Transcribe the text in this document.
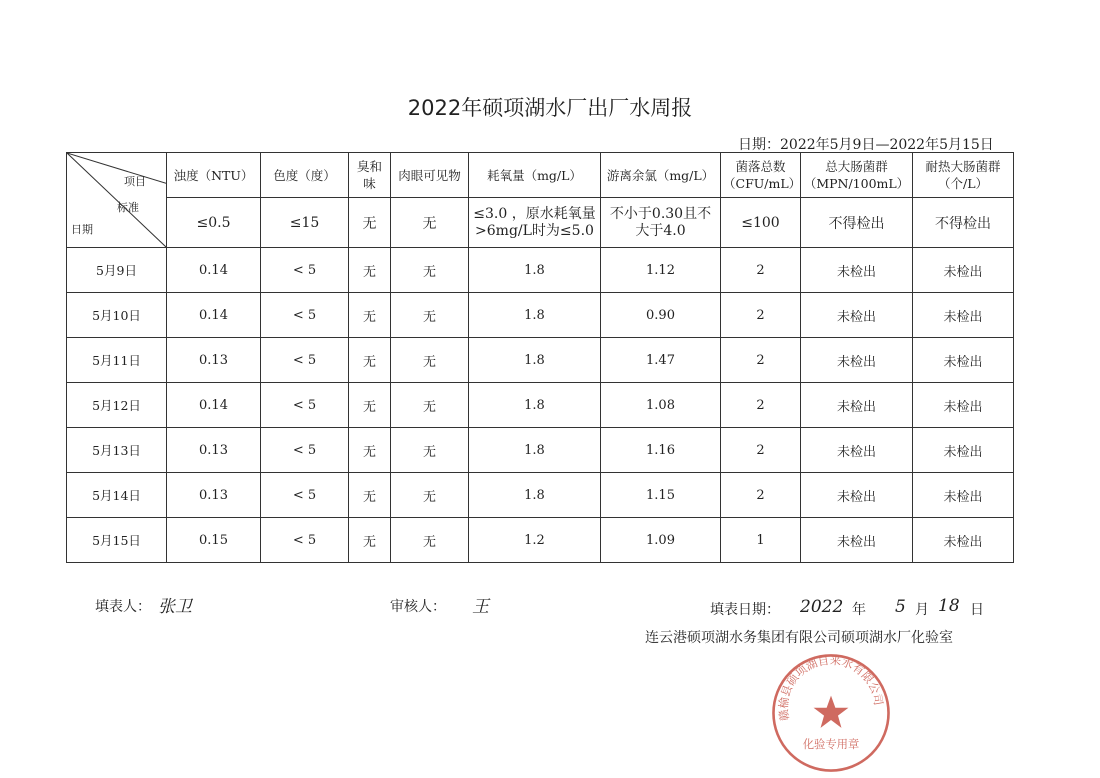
2022年硕项湖水厂出厂水周报
日期：2022年5月9日—2022年5月15日
项目
标准
日期	浊度（NTU）	色度（度）	臭和味	肉眼可见物	耗氧量（mg/L）	游离余氯（mg/L）	菌落总数（CFU/mL）	总大肠菌群（MPN/100mL）	耐热大肠菌群（个/L）
	≤0.5	≤15	无	无	≤3.0 ，原水耗氧量>6mg/L时为≤5.0	不小于0.30且不大于4.0	≤100	不得检出	不得检出
5月9日	0.14	< 5	无	无	1.8	1.12	2	未检出	未检出
5月10日	0.14	< 5	无	无	1.8	0.90	2	未检出	未检出
5月11日	0.13	< 5	无	无	1.8	1.47	2	未检出	未检出
5月12日	0.14	< 5	无	无	1.8	1.08	2	未检出	未检出
5月13日	0.13	< 5	无	无	1.8	1.16	2	未检出	未检出
5月14日	0.13	< 5	无	无	1.8	1.15	2	未检出	未检出
5月15日	0.15	< 5	无	无	1.2	1.09	1	未检出	未检出
填表人： 张卫	审核人： 王	填表日期： 2022 年 5 月 18 日
连云港硕项湖水务集团有限公司硕项湖水厂化验室
赣榆县硕项湖自来水有限公司
化验专用章
